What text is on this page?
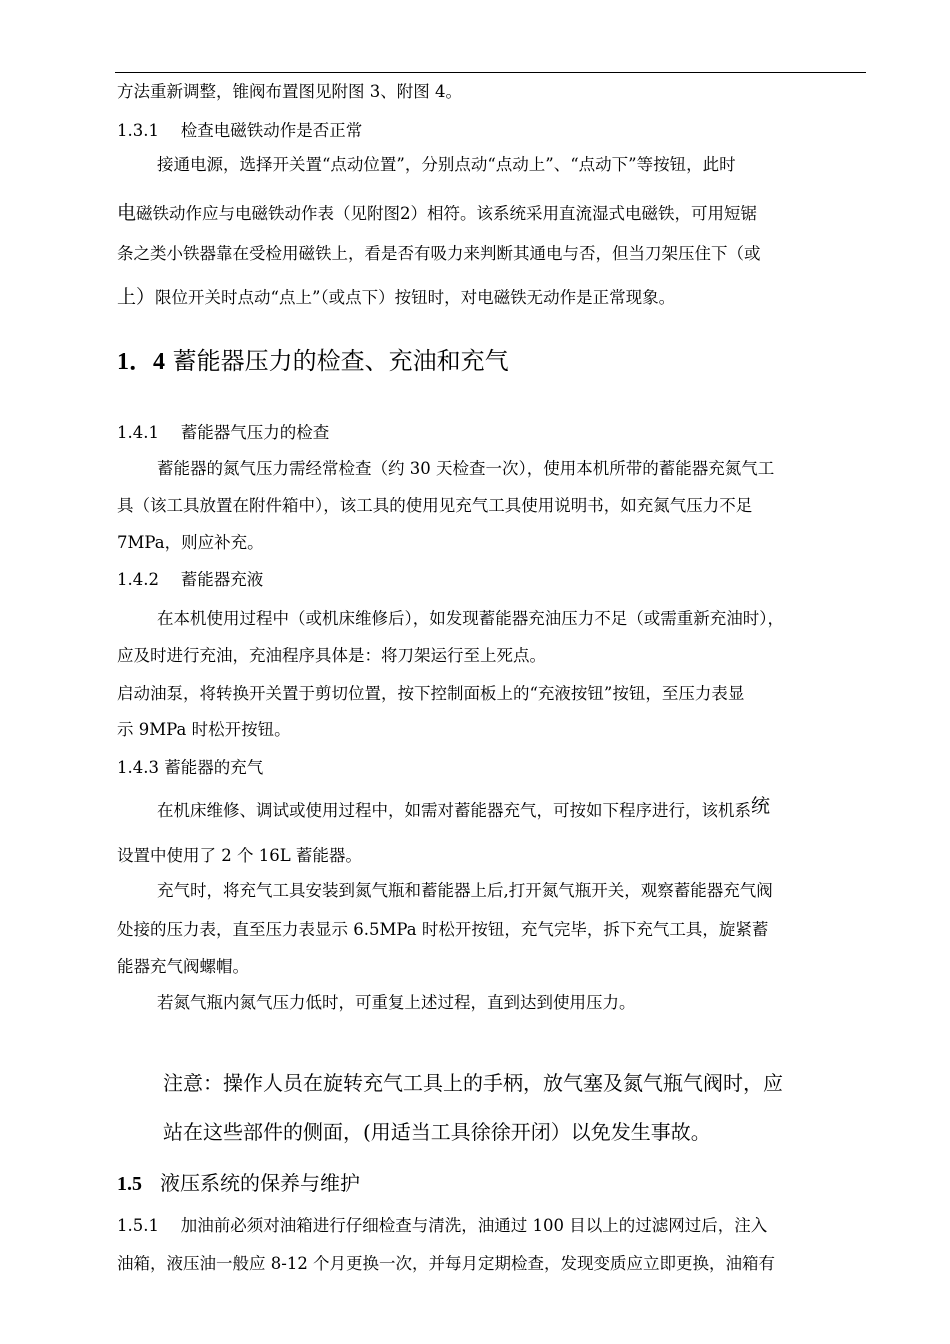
方法重新调整，锥阀布置图见附图 3、附图 4。
1.3.1　 检查电磁铁动作是否正常
接通电源，选择开关置“点动位置”，分别点动“点动上”、“点动下”等按钮，此时
电磁铁动作应与电磁铁动作表（见附图2）相符。该系统采用直流湿式电磁铁，可用短锯
条之类小铁器靠在受检用磁铁上，看是否有吸力来判断其通电与否，但当刀架压住下（或
上）限位开关时点动“点上”（或点下）按钮时，对电磁铁无动作是正常现象。
1．4 蓄能器压力的检查、充油和充气
1.4.1　 蓄能器气压力的检查
蓄能器的氮气压力需经常检查（约 30 天检查一次），使用本机所带的蓄能器充氮气工
具（该工具放置在附件箱中），该工具的使用见充气工具使用说明书，如充氮气压力不足
7MPa，则应补充。
1.4.2　 蓄能器充液
在本机使用过程中（或机床维修后），如发现蓄能器充油压力不足（或需重新充油时），
应及时进行充油，充油程序具体是：将刀架运行至上死点。
启动油泵，将转换开关置于剪切位置，按下控制面板上的“充液按钮”按钮，至压力表显
示 9MPa 时松开按钮。
1.4.3 蓄能器的充气
在机床维修、调试或使用过程中，如需对蓄能器充气，可按如下程序进行，该机系统
设置中使用了 2 个 16L 蓄能器。
充气时，将充气工具安装到氮气瓶和蓄能器上后,打开氮气瓶开关，观察蓄能器充气阀
处接的压力表，直至压力表显示 6.5MPa 时松开按钮，充气完毕，拆下充气工具，旋紧蓄
能器充气阀螺帽。
若氮气瓶内氮气压力低时，可重复上述过程，直到达到使用压力。
注意：操作人员在旋转充气工具上的手柄，放气塞及氮气瓶气阀时，应
站在这些部件的侧面，(用适当工具徐徐开闭）以免发生事故。
1.5 液压系统的保养与维护
1.5.1　 加油前必须对油箱进行仔细检查与清洗，油通过 100 目以上的过滤网过后，注入
油箱，液压油一般应 8-12 个月更换一次，并每月定期检查，发现变质应立即更换，油箱有
